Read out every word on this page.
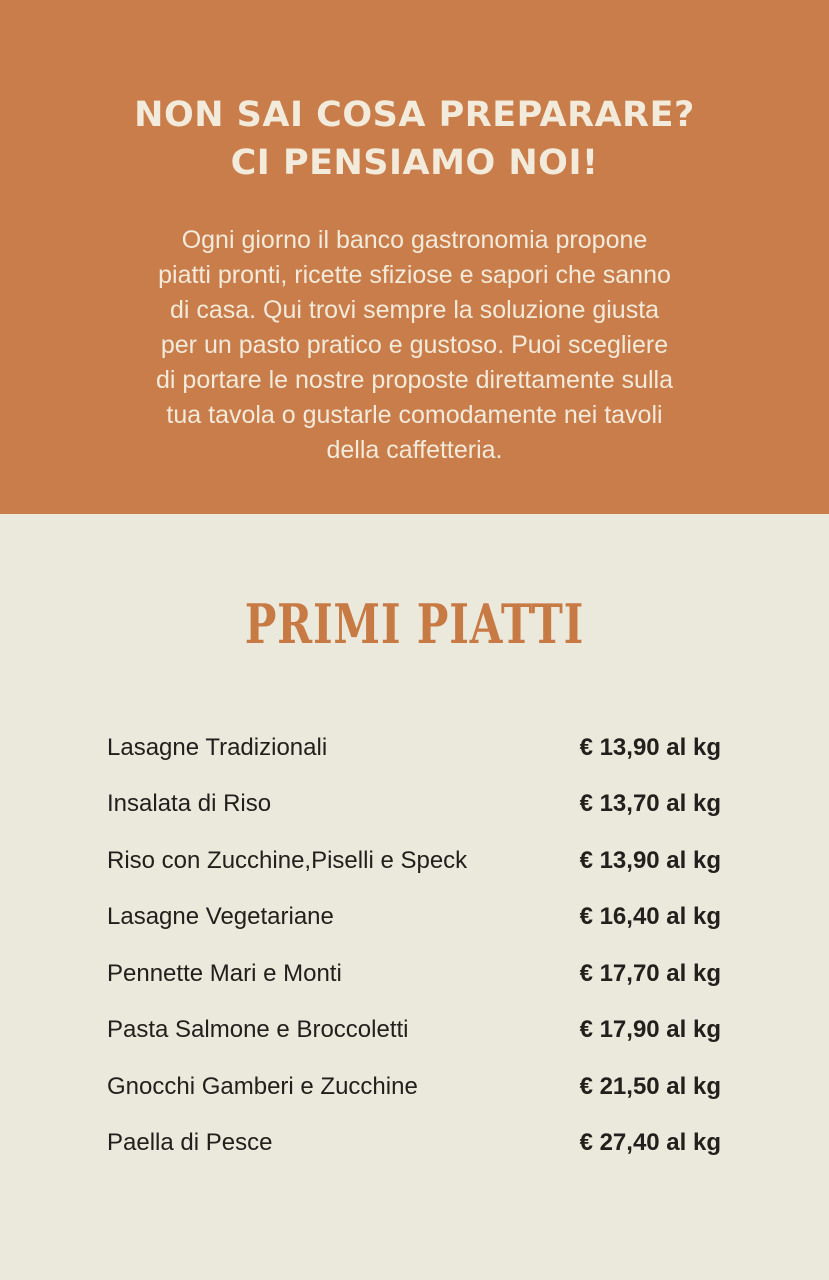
NON SAI COSA PREPARARE?
CI PENSIAMO NOI!
Ogni giorno il banco gastronomia propone
piatti pronti, ricette sfiziose e sapori che sanno
di casa. Qui trovi sempre la soluzione giusta
per un pasto pratico e gustoso. Puoi scegliere
di portare le nostre proposte direttamente sulla
tua tavola o gustarle comodamente nei tavoli
della caffetteria.
PRIMI PIATTI
Lasagne Tradizionali	€ 13,90 al kg
Insalata di Riso	€ 13,70 al kg
Riso con Zucchine,Piselli e Speck	€ 13,90 al kg
Lasagne Vegetariane	€ 16,40 al kg
Pennette Mari e Monti	€ 17,70 al kg
Pasta Salmone e Broccoletti	€ 17,90 al kg
Gnocchi Gamberi e Zucchine	€ 21,50 al kg
Paella di Pesce	€ 27,40 al kg
